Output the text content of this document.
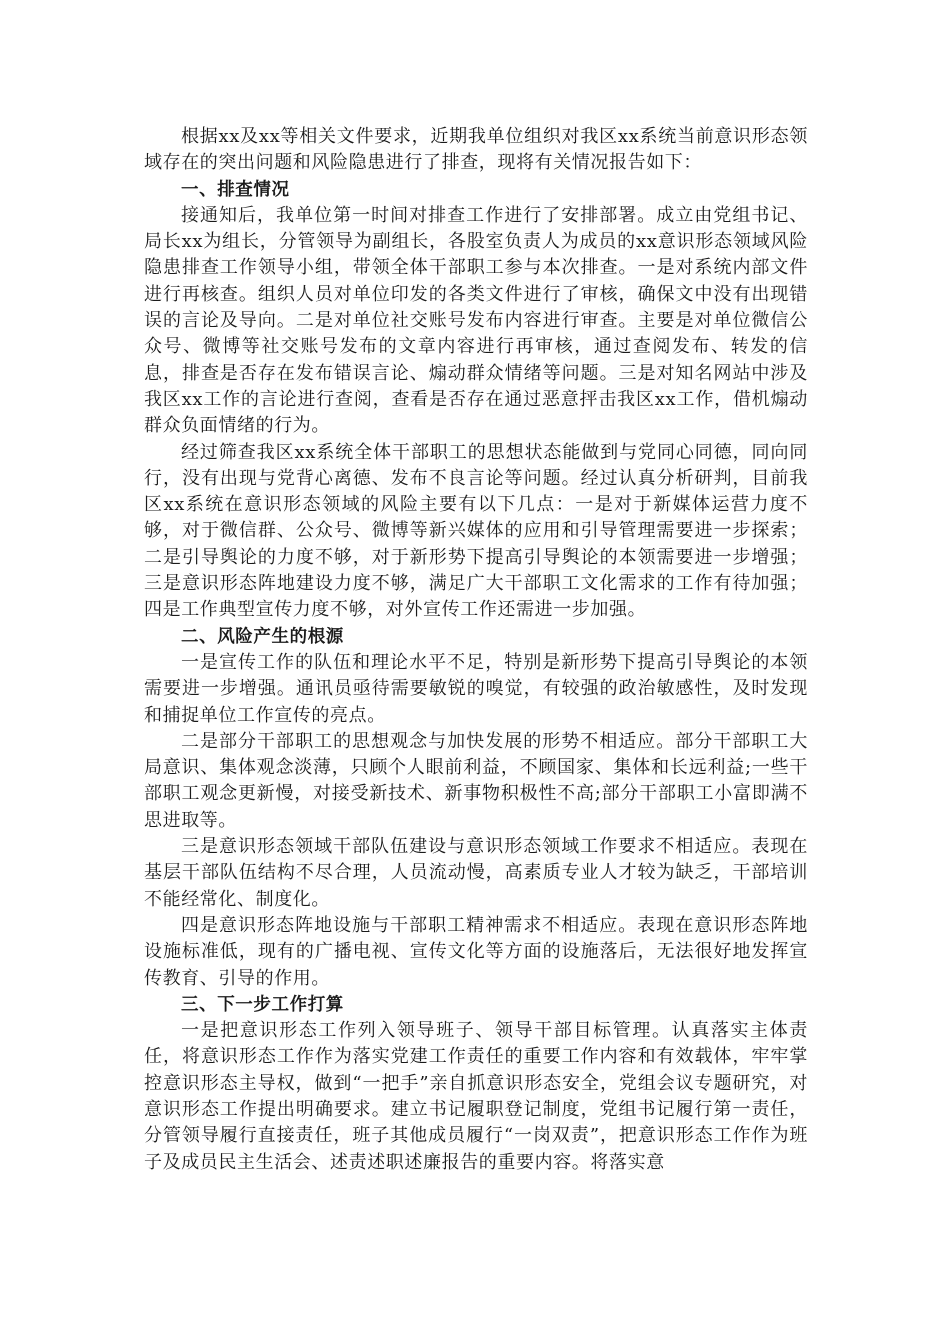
根据xx及xx等相关文件要求，近期我单位组织对我区xx系统当前意识形态领域存在的突出问题和风险隐患进行了排查，现将有关情况报告如下：

一、排查情况

接通知后，我单位第一时间对排查工作进行了安排部署。成立由党组书记、局长xx为组长，分管领导为副组长，各股室负责人为成员的xx意识形态领域风险隐患排查工作领导小组，带领全体干部职工参与本次排查。一是对系统内部文件进行再核查。组织人员对单位印发的各类文件进行了审核，确保文中没有出现错误的言论及导向。二是对单位社交账号发布内容进行审查。主要是对单位微信公众号、微博等社交账号发布的文章内容进行再审核，通过查阅发布、转发的信息，排查是否存在发布错误言论、煽动群众情绪等问题。三是对知名网站中涉及我区xx工作的言论进行查阅，查看是否存在通过恶意抨击我区xx工作，借机煽动群众负面情绪的行为。

经过筛查我区xx系统全体干部职工的思想状态能做到与党同心同德，同向同行，没有出现与党背心离德、发布不良言论等问题。经过认真分析研判，目前我区xx系统在意识形态领域的风险主要有以下几点：一是对于新媒体运营力度不够，对于微信群、公众号、微博等新兴媒体的应用和引导管理需要进一步探索；二是引导舆论的力度不够，对于新形势下提高引导舆论的本领需要进一步增强；三是意识形态阵地建设力度不够，满足广大干部职工文化需求的工作有待加强；四是工作典型宣传力度不够，对外宣传工作还需进一步加强。

二、风险产生的根源

一是宣传工作的队伍和理论水平不足，特别是新形势下提高引导舆论的本领需要进一步增强。通讯员亟待需要敏锐的嗅觉，有较强的政治敏感性，及时发现和捕捉单位工作宣传的亮点。

二是部分干部职工的思想观念与加快发展的形势不相适应。部分干部职工大局意识、集体观念淡薄，只顾个人眼前利益，不顾国家、集体和长远利益;一些干部职工观念更新慢，对接受新技术、新事物积极性不高;部分干部职工小富即满不思进取等。

三是意识形态领域干部队伍建设与意识形态领域工作要求不相适应。表现在基层干部队伍结构不尽合理，人员流动慢，高素质专业人才较为缺乏，干部培训不能经常化、制度化。

四是意识形态阵地设施与干部职工精神需求不相适应。表现在意识形态阵地设施标准低，现有的广播电视、宣传文化等方面的设施落后，无法很好地发挥宣传教育、引导的作用。

三、下一步工作打算

一是把意识形态工作列入领导班子、领导干部目标管理。认真落实主体责任，将意识形态工作作为落实党建工作责任的重要工作内容和有效载体，牢牢掌控意识形态主导权，做到“一把手”亲自抓意识形态安全，党组会议专题研究，对意识形态工作提出明确要求。建立书记履职登记制度，党组书记履行第一责任，分管领导履行直接责任，班子其他成员履行“一岗双责”，把意识形态工作作为班子及成员民主生活会、述责述职述廉报告的重要内容。将落实意
